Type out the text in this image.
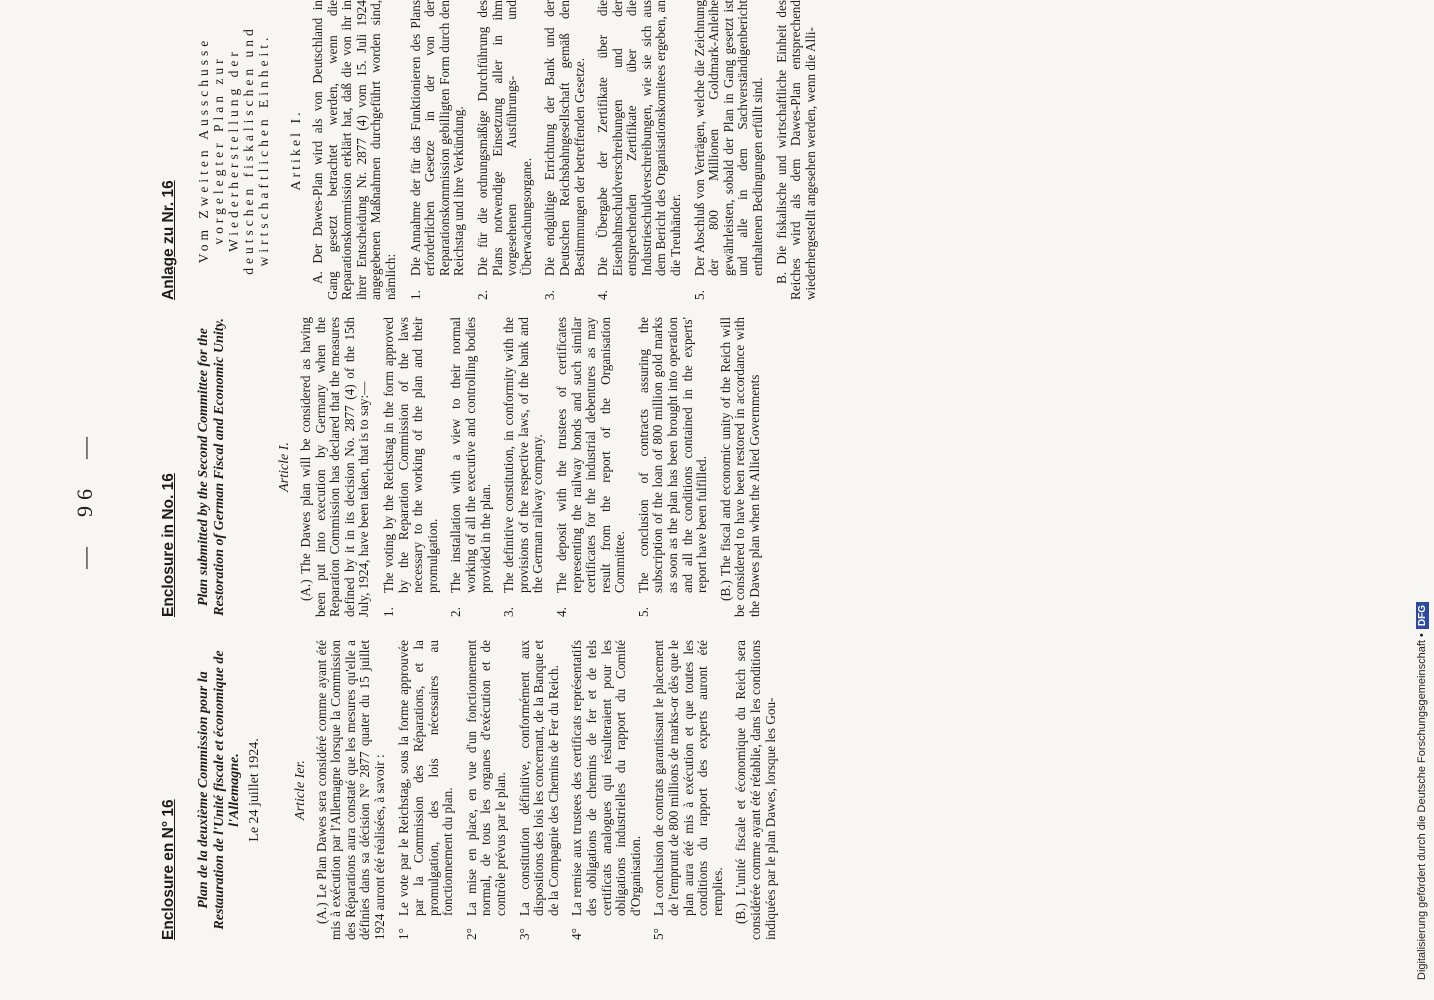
—96—
Enclosure en N° 16 Plan de la deuxième Commission pour la Restauration de l'Unité fiscale et économique de l'Allemagne. Le 24 juillet 1924. Article Ier. (A.) Le Plan Dawes sera considéré comme ayant été mis à exécution par l'Allemagne lorsque la Commission des Réparations aura constaté que les mesures qu'elle a définies dans sa décision N° 2877 quater du 15 juillet 1924 auront été réalisées, à savoir : 1°
Le vote par le Reichstag, sous la forme approuvée par la Commission des Réparations, et la promulgation, des lois nécessaires au fonctionnement du plan.
2°
La mise en place, en vue d'un fonctionnement normal, de tous les organes d'exécution et de contrôle prévus par le plan.
3°
La constitution définitive, conformément aux dispositions des lois les concernant, de la Banque et de la Compagnie des Chemins de Fer du Reich.
4°
La remise aux trustees des certificats représentatifs des obligations de chemins de fer et de tels certificats analogues qui résulteraient pour les obligations industrielles du rapport du Comité d'Organisation.
5°
La conclusion de contrats garantissant le placement de l'emprunt de 800 millions de marks-or dès que le plan aura été mis à exécution et que toutes les conditions du rapport des experts auront été remplies. (B.) L'unité fiscale et économique du Reich sera considérée comme ayant été rétablie, dans les conditions indiquées par le plan Dawes, lorsque les Gou-

Enclosure in No. 16 Plan submitted by the Second Committee for the Restoration of German Fiscal and Economic Unity.
	Article I. (A.) The Dawes plan will be considered as having been put into execution by Germany when the Reparation Commission has declared that the measures defined by it in its decision No. 2877 (4) of the 15th July, 1924, have been taken, that is to say:— 1.
The voting by the Reichstag in the form approved by the Reparation Commission of the laws necessary to the working of the plan and their promulgation.
2.
The installation with a view to their normal working of all the executive and controlling bodies provided in the plan.
3.
The definitive constitution, in conformity with the provisions of the respective laws, of the bank and the German railway company.
4.
The deposit with the trustees of certificates representing the railway bonds and such similar certificates for the industrial debentures as may result from the report of the Organisation Committee.
5.
The conclusion of contracts assuring the subscription of the loan of 800 million gold marks as soon as the plan has been brought into operation and all the conditions contained in the experts' report have been fulfilled. (B.) The fiscal and economic unity of the Reich will be considered to have been restored in accordance with the Dawes plan when the Allied Governments

Anlage zu Nr. 16 Vom Zweiten Ausschusse vorgelegter Plan zur Wiederherstellung der deutschen fiskalischen und wirtschaftlichen Einheit. Artikel I. A. Der Dawes-Plan wird als von Deutschland in Gang gesetzt betrachtet werden, wenn die Reparationskommission erklärt hat, daß die von ihr in ihrer Entscheidung Nr. 2877 (4) vom 15. Juli 1924 angegebenen Maßnahmen durchgeführt worden sind, nämlich: 1.
Die Annahme der für das Funktionieren des Plans erforderlichen Gesetze in der von der Reparationskommission gebilligten Form durch den Reichstag und ihre Verkündung.
2.
Die für die ordnungsmäßige Durchführung des Plans notwendige Einsetzung aller in ihm vorgesehenen Ausführungs- und Überwachungsorgane.
3.
Die endgültige Errichtung der Bank und der Deutschen Reichsbahngesellschaft gemäß den Bestimmungen der betreffenden Gesetze.
4.
Die Übergabe der Zertifikate über die Eisenbahnschuldverschreibungen und der entsprechenden Zertifikate über die Industrieschuldverschreibungen, wie sie sich aus dem Bericht des Organisationskomitees ergeben, an die Treuhänder.
5.
Der Abschluß von Verträgen, welche die Zeichnung der 800 Millionen Goldmark-Anleihe gewährleisten, sobald der Plan in Gang gesetzt ist und alle in dem Sachverständigenbericht enthaltenen Bedingungen erfüllt sind. B. Die fiskalische und wirtschaftliche Einheit des Reiches wird als dem Dawes-Plan entsprechend wiederhergestellt angesehen werden, wenn die Alli-

Digitalisierung gefördert durch die Deutsche Forschungsgemeinschaft •DFG
